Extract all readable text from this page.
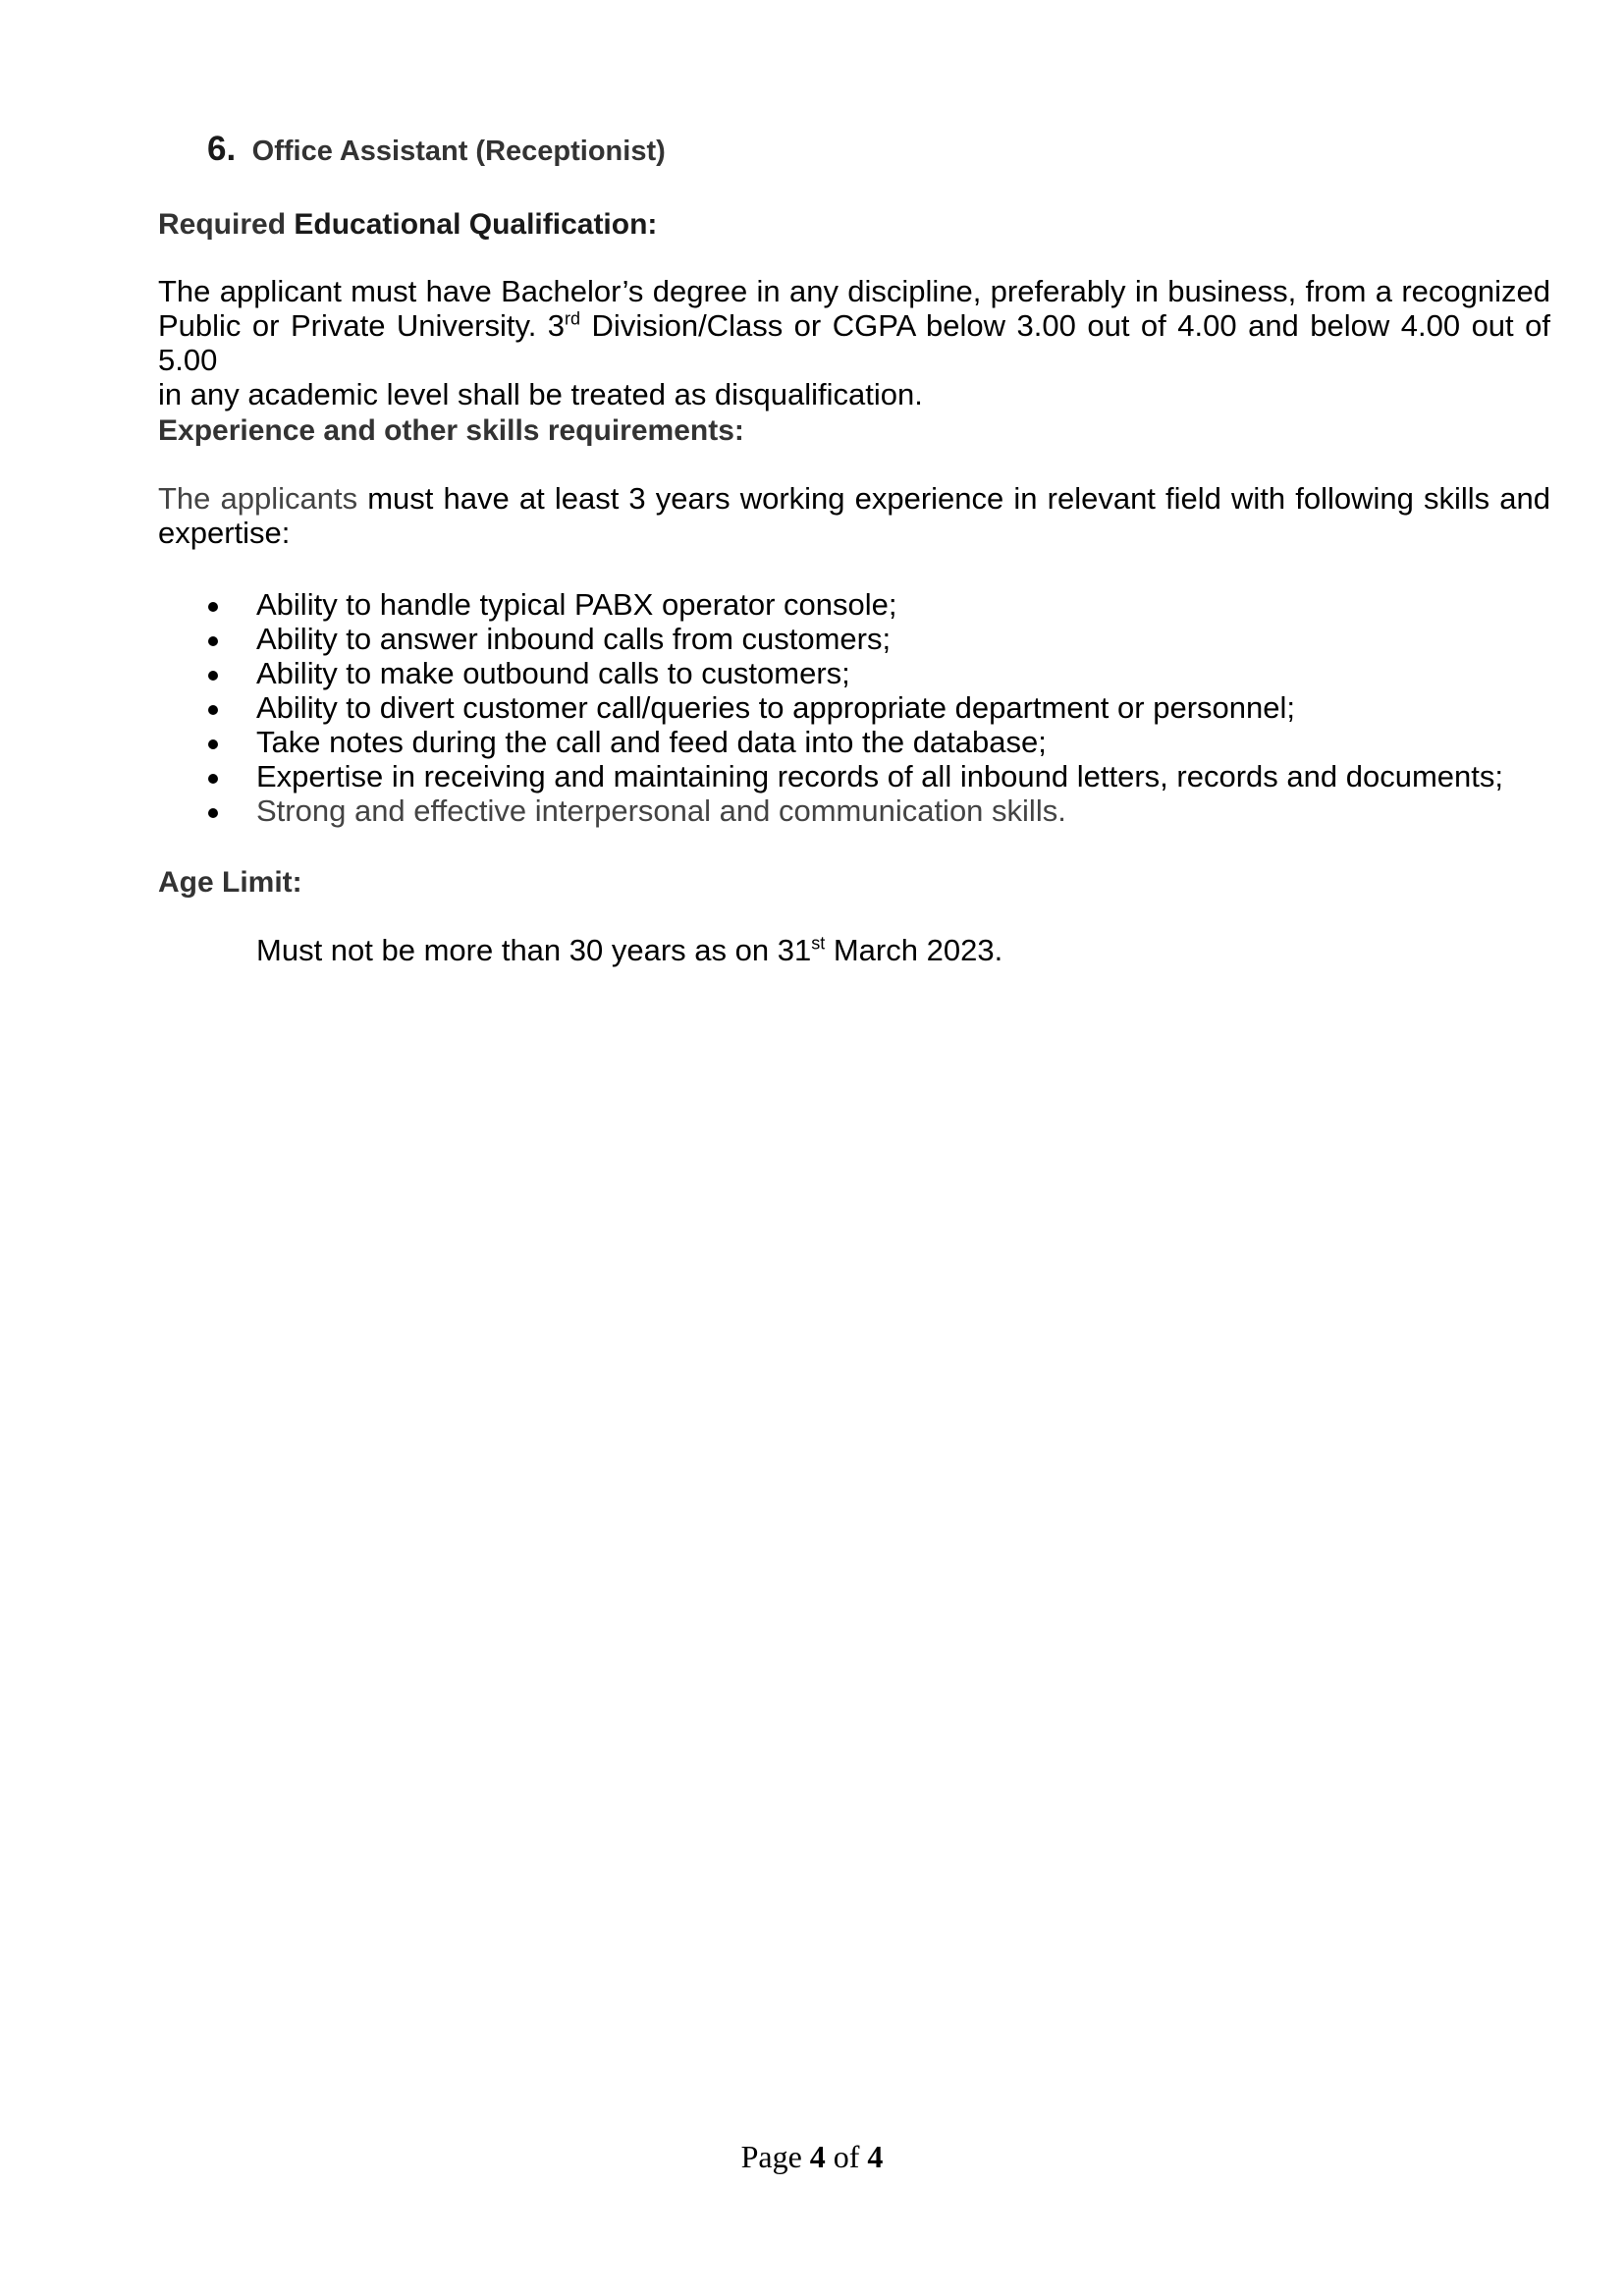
6. Office Assistant (Receptionist)
Required Educational Qualification:
The applicant must have Bachelor’s degree in any discipline, preferably in business, from a recognized
Public or Private University. 3rd Division/Class or CGPA below 3.00 out of 4.00 and below 4.00 out of 5.00
in any academic level shall be treated as disqualification.
Experience and other skills requirements:
The applicants must have at least 3 years working experience in relevant field with following skills and
expertise:
Ability to handle typical PABX operator console;
Ability to answer inbound calls from customers;
Ability to make outbound calls to customers;
Ability to divert customer call/queries to appropriate department or personnel;
Take notes during the call and feed data into the database;
Expertise in receiving and maintaining records of all inbound letters, records and documents;
Strong and effective interpersonal and communication skills.
Age Limit:
Must not be more than 30 years as on 31st March 2023.
Page 4 of 4
